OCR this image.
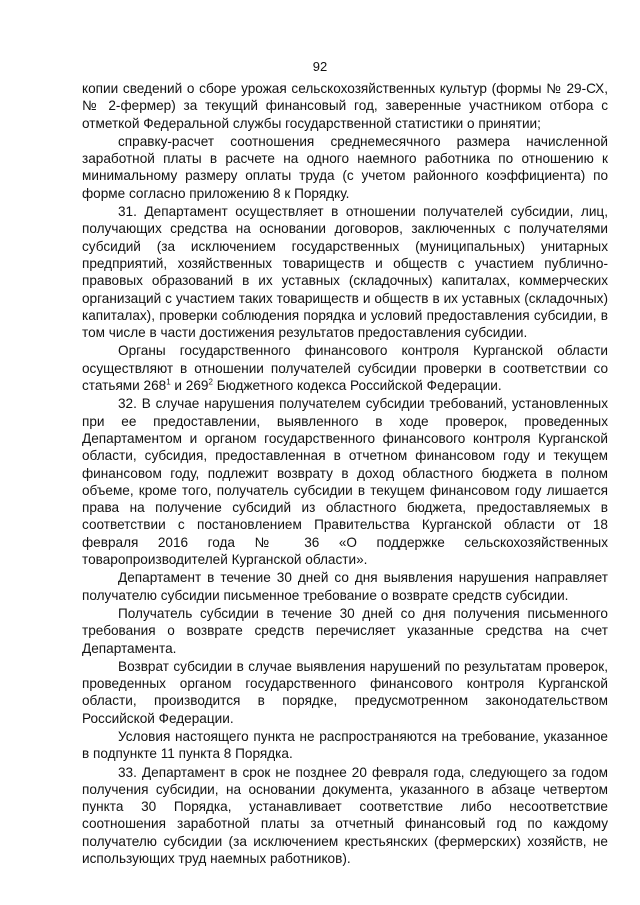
92

копии сведений о сборе урожая сельскохозяйственных культур (формы № 29-СХ, № 2-фермер) за текущий финансовый год, заверенные участником отбора с отметкой Федеральной службы государственной статистики о принятии;

справку-расчет соотношения среднемесячного размера начисленной заработной платы в расчете на одного наемного работника по отношению к минимальному размеру оплаты труда (с учетом районного коэффициента) по форме согласно приложению 8 к Порядку.

31. Департамент осуществляет в отношении получателей субсидии, лиц, получающих средства на основании договоров, заключенных с получателями субсидий (за исключением государственных (муниципальных) унитарных предприятий, хозяйственных товариществ и обществ с участием публично-правовых образований в их уставных (складочных) капиталах, коммерческих организаций с участием таких товариществ и обществ в их уставных (складочных) капиталах), проверки соблюдения порядка и условий предоставления субсидии, в том числе в части достижения результатов предоставления субсидии.

Органы государственного финансового контроля Курганской области осуществляют в отношении получателей субсидии проверки в соответствии со статьями $268^1$ и $269^2$ Бюджетного кодекса Российской Федерации.

32. В случае нарушения получателем субсидии требований, установленных при ее предоставлении, выявленного в ходе проверок, проведенных Департаментом и органом государственного финансового контроля Курганской области, субсидия, предоставленная в отчетном финансовом году и текущем финансовом году, подлежит возврату в доход областного бюджета в полном объеме, кроме того, получатель субсидии в текущем финансовом году лишается права на получение субсидий из областного бюджета, предоставляемых в соответствии с постановлением Правительства Курганской области от 18 февраля 2016 года № 36 «О поддержке сельскохозяйственных товаропроизводителей Курганской области».

Департамент в течение 30 дней со дня выявления нарушения направляет получателю субсидии письменное требование о возврате средств субсидии.

Получатель субсидии в течение 30 дней со дня получения письменного требования о возврате средств перечисляет указанные средства на счет Департамента.

Возврат субсидии в случае выявления нарушений по результатам проверок, проведенных органом государственного финансового контроля Курганской области, производится в порядке, предусмотренном законодательством Российской Федерации.

Условия настоящего пункта не распространяются на требование, указанное в подпункте 11 пункта 8 Порядка.

33. Департамент в срок не позднее 20 февраля года, следующего за годом получения субсидии, на основании документа, указанного в абзаце четвертом пункта 30 Порядка, устанавливает соответствие либо несоответствие соотношения заработной платы за отчетный финансовый год по каждому получателю субсидии (за исключением крестьянских (фермерских) хозяйств, не использующих труд наемных работников).
